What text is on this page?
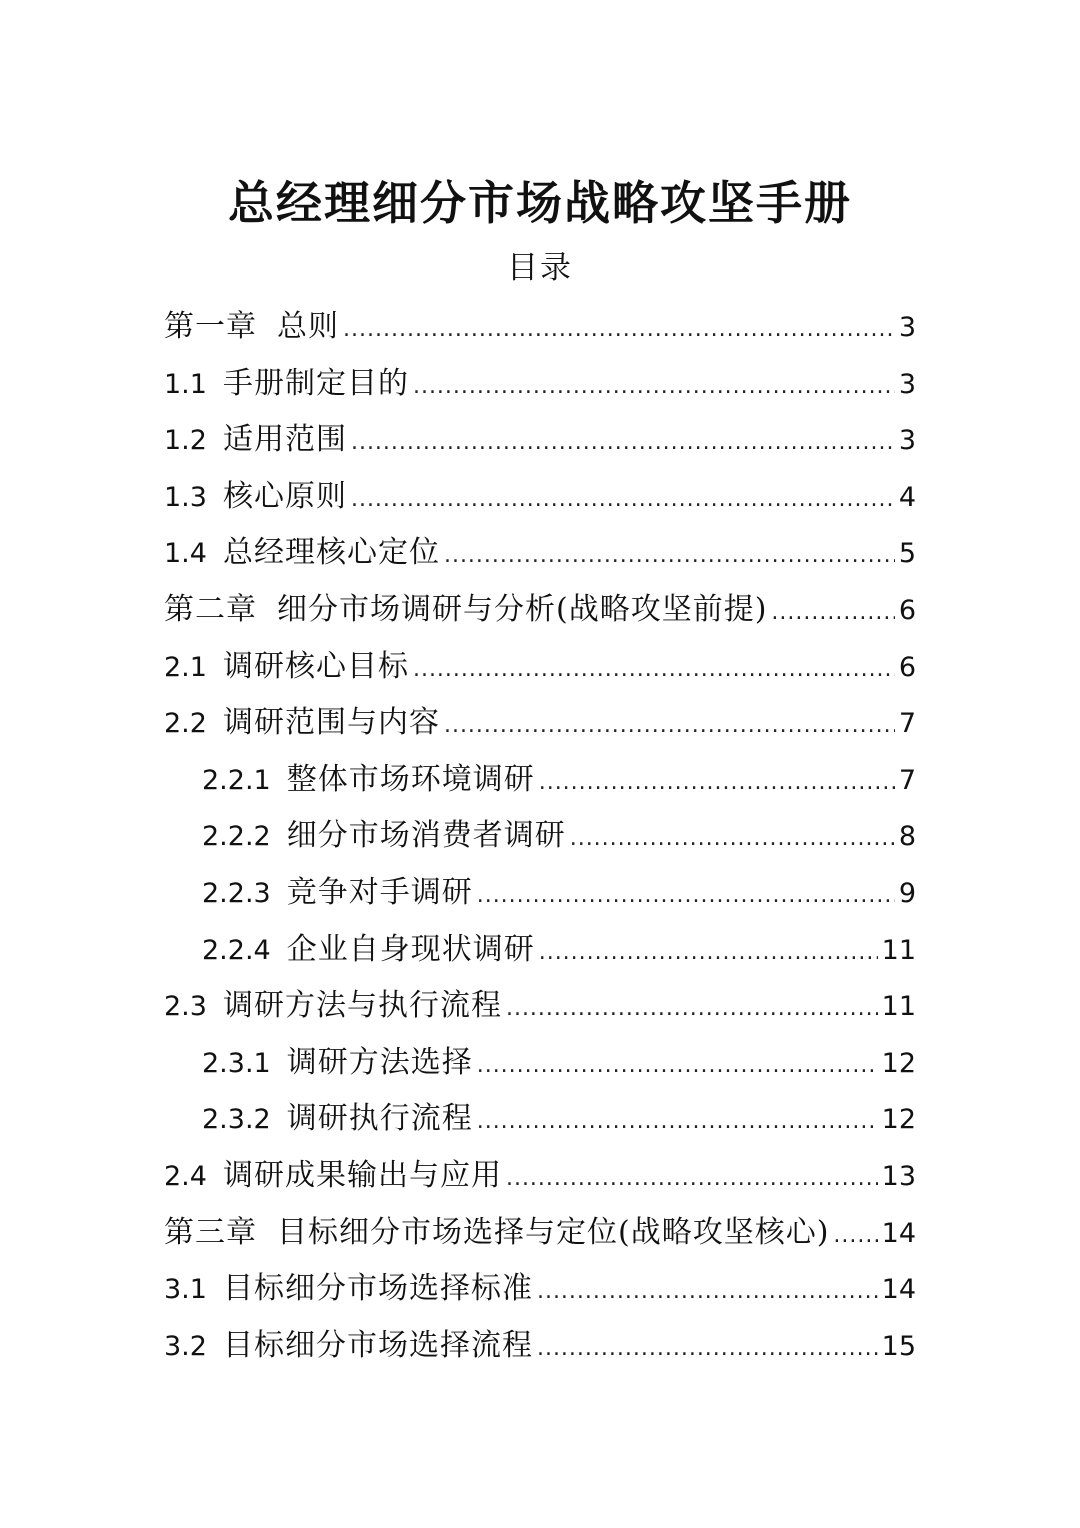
总经理细分市场战略攻坚手册
目录
第一章 总则 .....	3
1.1 手册制定目的 .....	3
1.2 适用范围 .....	3
1.3 核心原则 .....	4
1.4 总经理核心定位 .....	5
第二章 细分市场调研与分析(战略攻坚前提) .....	6
2.1 调研核心目标 .....	6
2.2 调研范围与内容 .....	7
2.2.1 整体市场环境调研 .....	7
2.2.2 细分市场消费者调研 .....	8
2.2.3 竞争对手调研 .....	9
2.2.4 企业自身现状调研 .....	11
2.3 调研方法与执行流程 .....	11
2.3.1 调研方法选择 .....	12
2.3.2 调研执行流程 .....	12
2.4 调研成果输出与应用 .....	13
第三章 目标细分市场选择与定位(战略攻坚核心) ..... 14
3.1 目标细分市场选择标准 .....	14
3.2 目标细分市场选择流程 .....	15
